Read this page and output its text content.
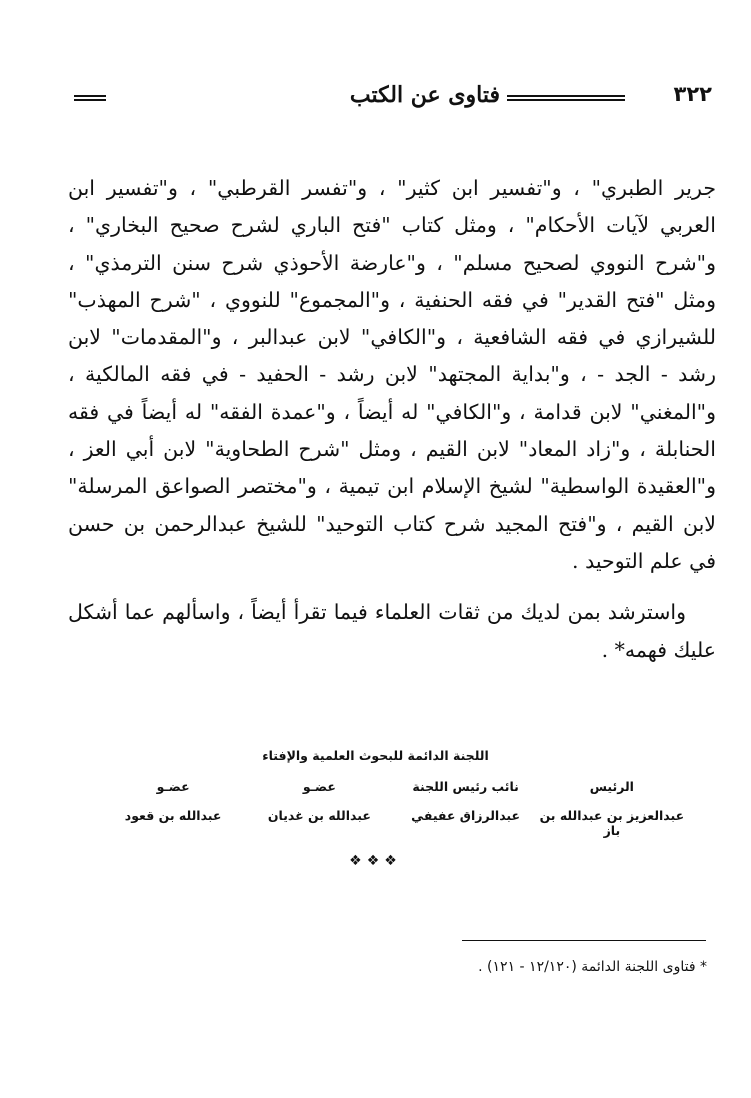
٣٢٢
فتاوى عن الكتب

جرير الطبري" ، و"تفسير ابن كثير" ، و"تفسر القرطبي" ، و"تفسير ابن العربي لآيات الأحكام" ، ومثل كتاب "فتح الباري لشرح صحيح البخاري" ، و"شرح النووي لصحيح مسلم" ، و"عارضة الأحوذي شرح سنن الترمذي" ، ومثل "فتح القدير" في فقه الحنفية ، و"المجموع" للنووي ، "شرح المهذب" للشيرازي في فقه الشافعية ، و"الكافي" لابن عبدالبر ، و"المقدمات" لابن رشد - الجد - ، و"بداية المجتهد" لابن رشد - الحفيد - في فقه المالكية ، و"المغني" لابن قدامة ، و"الكافي" له أيضاً ، و"عمدة الفقه" له أيضاً في فقه الحنابلة ، و"زاد المعاد" لابن القيم ، ومثل "شرح الطحاوية" لابن أبي العز ، و"العقيدة الواسطية" لشيخ الإسلام ابن تيمية ، و"مختصر الصواعق المرسلة" لابن القيم ، و"فتح المجيد شرح كتاب التوحيد" للشيخ عبدالرحمن بن حسن في علم التوحيد .

واسترشد بمن لديك من ثقات العلماء فيما تقرأ أيضاً ، واسألهم عما أشكل عليك فهمه* .

اللجنة الدائمة للبحوث العلمية والإفتاء
الرئيس
نائب رئيس اللجنة
عضـو
عضـو
عبدالعزيز بن عبدالله بن باز
عبدالرزاق عفيفي
عبدالله بن غديان
عبدالله بن قعود
❖❖❖
* فتاوى اللجنة الدائمة (١٢/١٢٠ - ١٢١) .
